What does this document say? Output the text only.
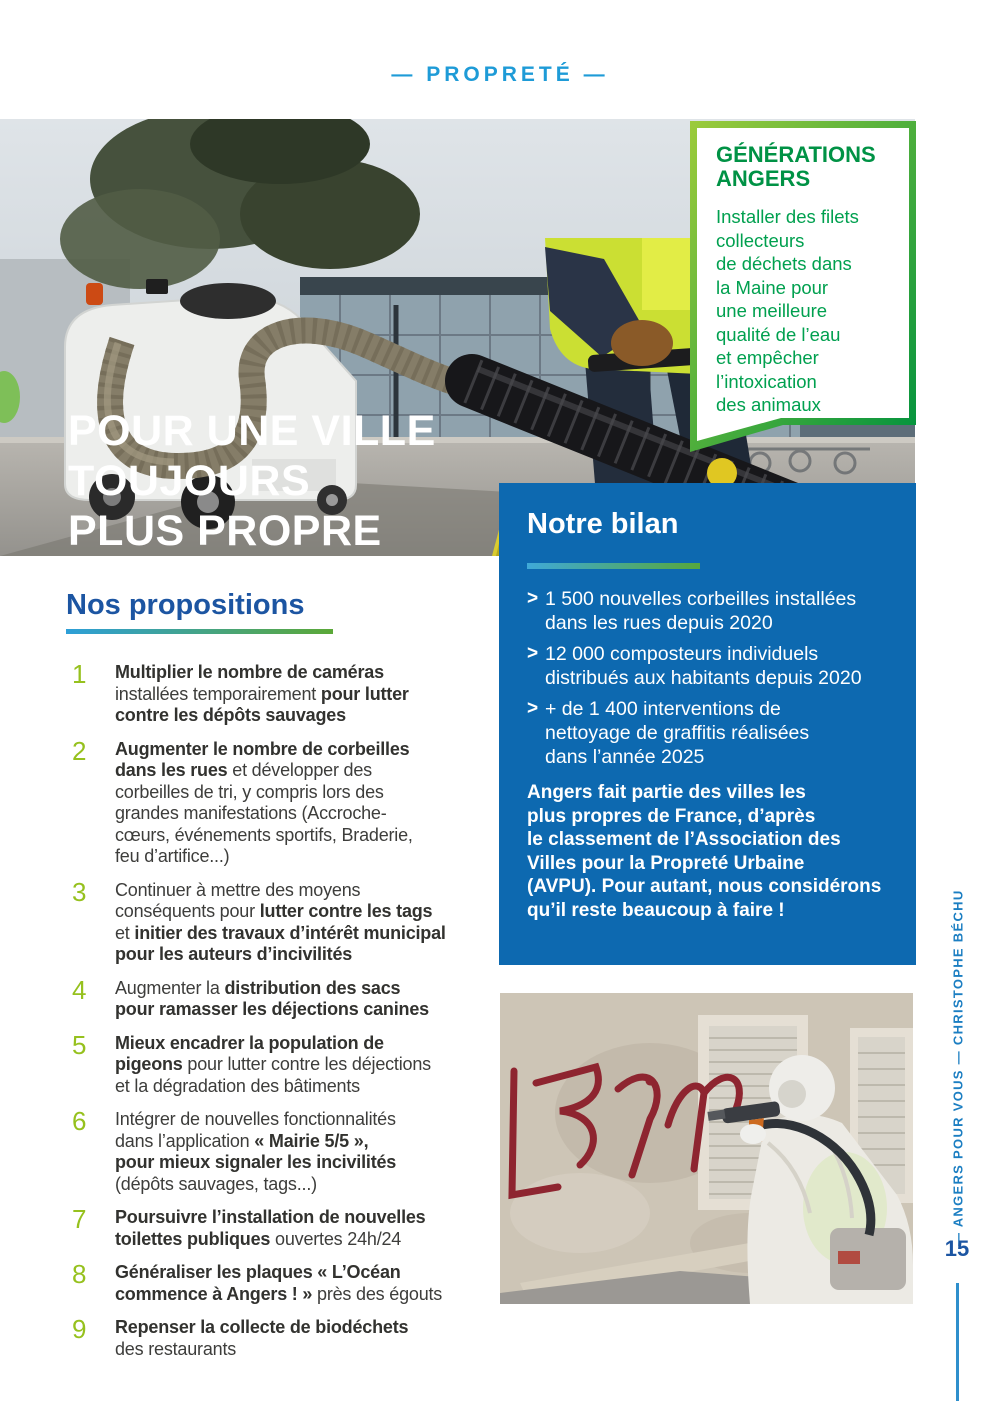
— PROPRETÉ —
POUR UNE VILLE
TOUJOURS
PLUS PROPRE
GÉNÉRATIONS
ANGERS
Installer des filets
collecteurs
de déchets dans
la Maine pour
une meilleure
qualité de l’eau
et empêcher
l’intoxication
des animaux
Nos propositions
1	Multiplier le nombre de caméras
installées temporairement pour lutter
contre les dépôts sauvages
2	Augmenter le nombre de corbeilles
dans les rues et développer des
corbeilles de tri, y compris lors des
grandes manifestations (Accroche-
cœurs, événements sportifs, Braderie,
feu d’artifice...)
3	Continuer à mettre des moyens
conséquents pour lutter contre les tags
et initier des travaux d’intérêt municipal
pour les auteurs d’incivilités
4	Augmenter la distribution des sacs
pour ramasser les déjections canines
5	Mieux encadrer la population de
pigeons pour lutter contre les déjections
et la dégradation des bâtiments
6	Intégrer de nouvelles fonctionnalités
dans l’application « Mairie 5/5 »,
pour mieux signaler les incivilités
(dépôts sauvages, tags...)
7	Poursuivre l’installation de nouvelles
toilettes publiques ouvertes 24h/24
8	Généraliser les plaques « L’Océan
commence à Angers ! » près des égouts
9	Repenser la collecte de biodéchets
des restaurants
Notre bilan
> 1 500 nouvelles corbeilles installées
dans les rues depuis 2020
> 12 000 composteurs individuels
distribués aux habitants depuis 2020
> + de 1 400 interventions de
nettoyage de graffitis réalisées
dans l’année 2025
Angers fait partie des villes les
plus propres de France, d’après
le classement de l’Association des
Villes pour la Propreté Urbaine
(AVPU). Pour autant, nous considérons
qu’il reste beaucoup à faire !	— ANGERS POUR VOUS — CHRISTOPHE BÉCHU
15
